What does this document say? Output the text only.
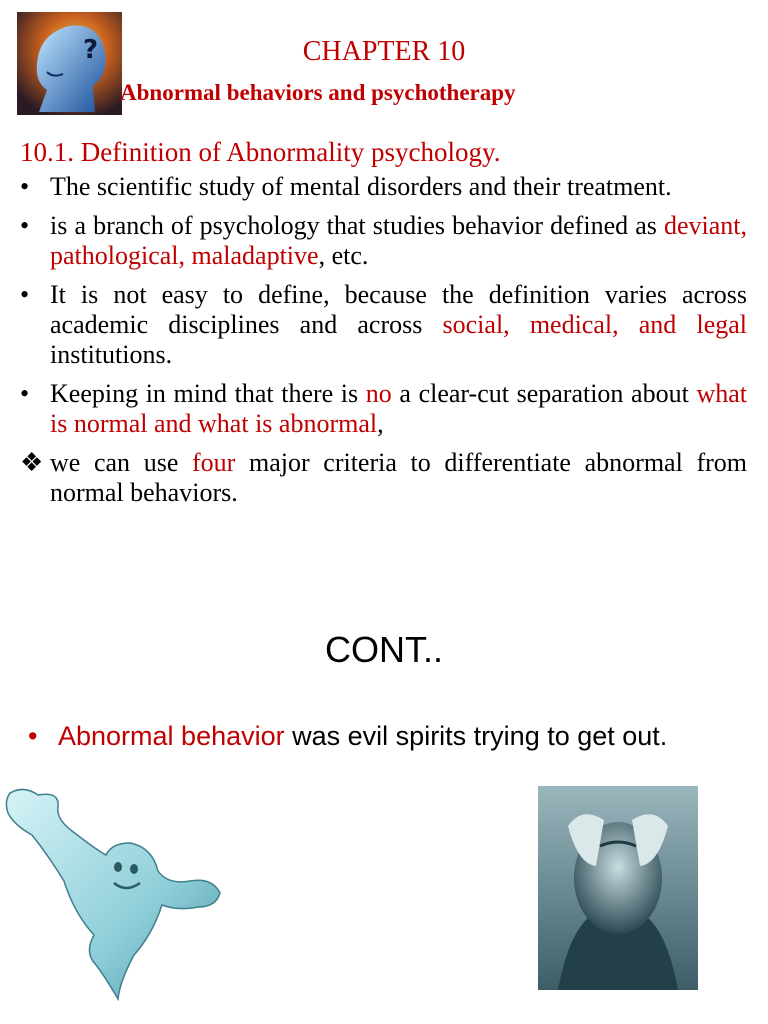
?	CHAPTER 10
Abnormal behaviors and psychotherapy
10.1. Definition of Abnormality psychology.
• The scientific study of mental disorders and their treatment.
• is a branch of psychology that studies behavior defined as deviant, pathological, maladaptive, etc.
• It is not easy to define, because the definition varies across academic disciplines and across social, medical, and legal institutions.
• Keeping in mind that there is no a clear-cut separation about what is normal and what is abnormal,
❖ we can use four major criteria to differentiate abnormal from normal behaviors.
CONT..
• Abnormal behavior was evil spirits trying to get out.
